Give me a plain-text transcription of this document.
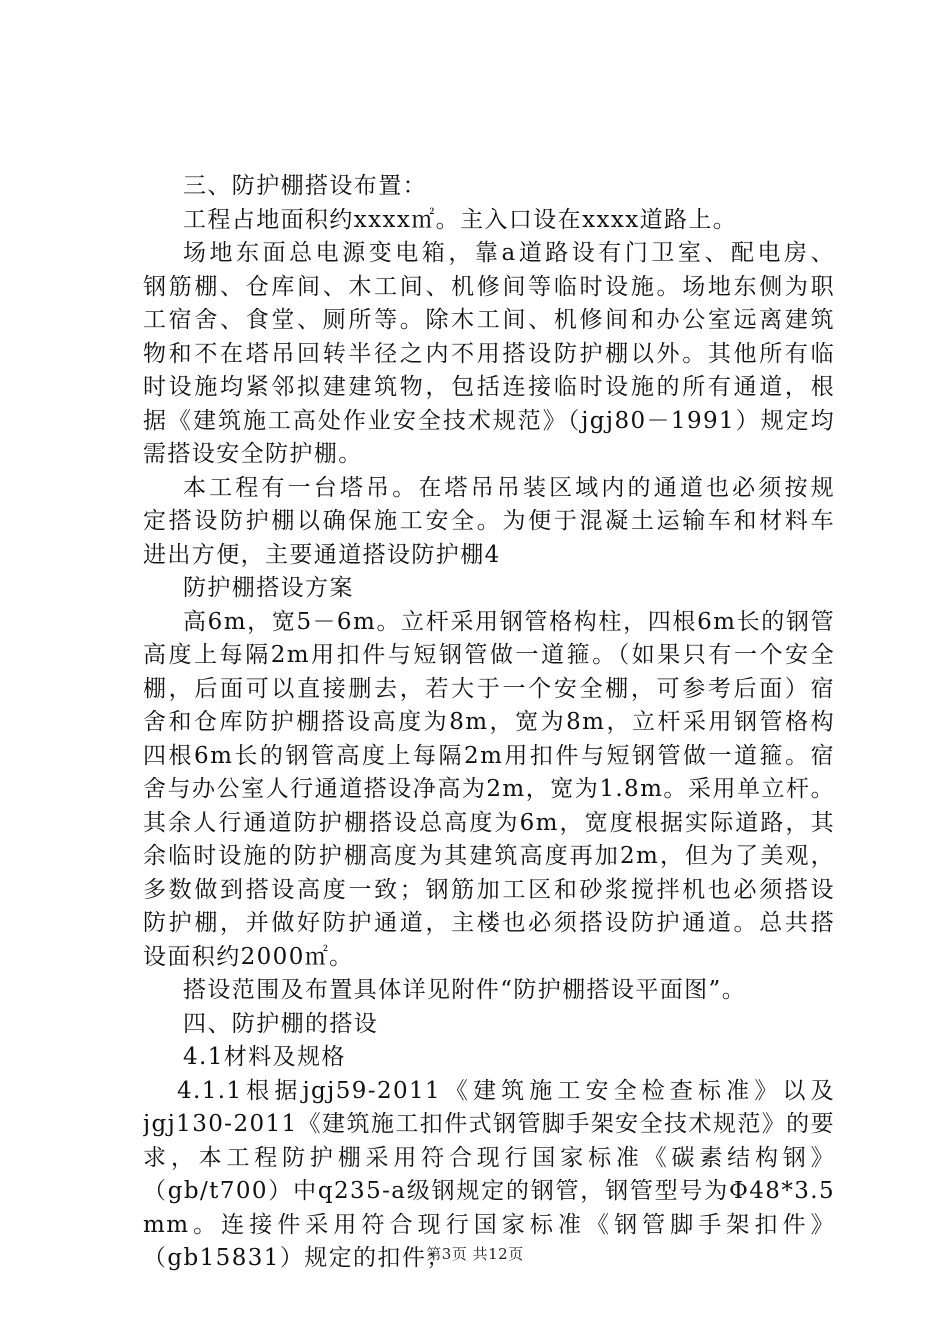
三、防护棚搭设布置：
工程占地面积约xxxx㎡。主入口设在xxxx道路上。
场地东面总电源变电箱，靠a道路设有门卫室、配电房、
钢筋棚、仓库间、木工间、机修间等临时设施。场地东侧为职
工宿舍、食堂、厕所等。除木工间、机修间和办公室远离建筑
物和不在塔吊回转半径之内不用搭设防护棚以外。其他所有临
时设施均紧邻拟建建筑物，包括连接临时设施的所有通道，根
据《建筑施工高处作业安全技术规范》（jgj80－1991）规定均
需搭设安全防护棚。
本工程有一台塔吊。在塔吊吊装区域内的通道也必须按规
定搭设防护棚以确保施工安全。为便于混凝土运输车和材料车
进出方便，主要通道搭设防护棚4
防护棚搭设方案
高6m，宽5－6m。立杆采用钢管格构柱，四根6m长的钢管
高度上每隔2m用扣件与短钢管做一道箍。（如果只有一个安全
棚，后面可以直接删去，若大于一个安全棚，可参考后面）宿
舍和仓库防护棚搭设高度为8m，宽为8m，立杆采用钢管格构
四根6m长的钢管高度上每隔2m用扣件与短钢管做一道箍。宿
舍与办公室人行通道搭设净高为2m，宽为1.8m。采用单立杆。
其余人行通道防护棚搭设总高度为6m，宽度根据实际道路，其
余临时设施的防护棚高度为其建筑高度再加2m，但为了美观，
多数做到搭设高度一致；钢筋加工区和砂浆搅拌机也必须搭设
防护棚，并做好防护通道，主楼也必须搭设防护通道。总共搭
设面积约2000㎡。
搭设范围及布置具体详见附件“防护棚搭设平面图”。
四、防护棚的搭设
4.1材料及规格
4.1.1根据jgj59-2011《建筑施工安全检查标准》以及
jgj130-2011《建筑施工扣件式钢管脚手架安全技术规范》的要
求，本工程防护棚采用符合现行国家标准《碳素结构钢》
（gb/t700）中q235-a级钢规定的钢管，钢管型号为Φ48*3.5
mm。连接件采用符合现行国家标准《钢管脚手架扣件》
（gb15831）规定的扣件；
第3页 共12页
